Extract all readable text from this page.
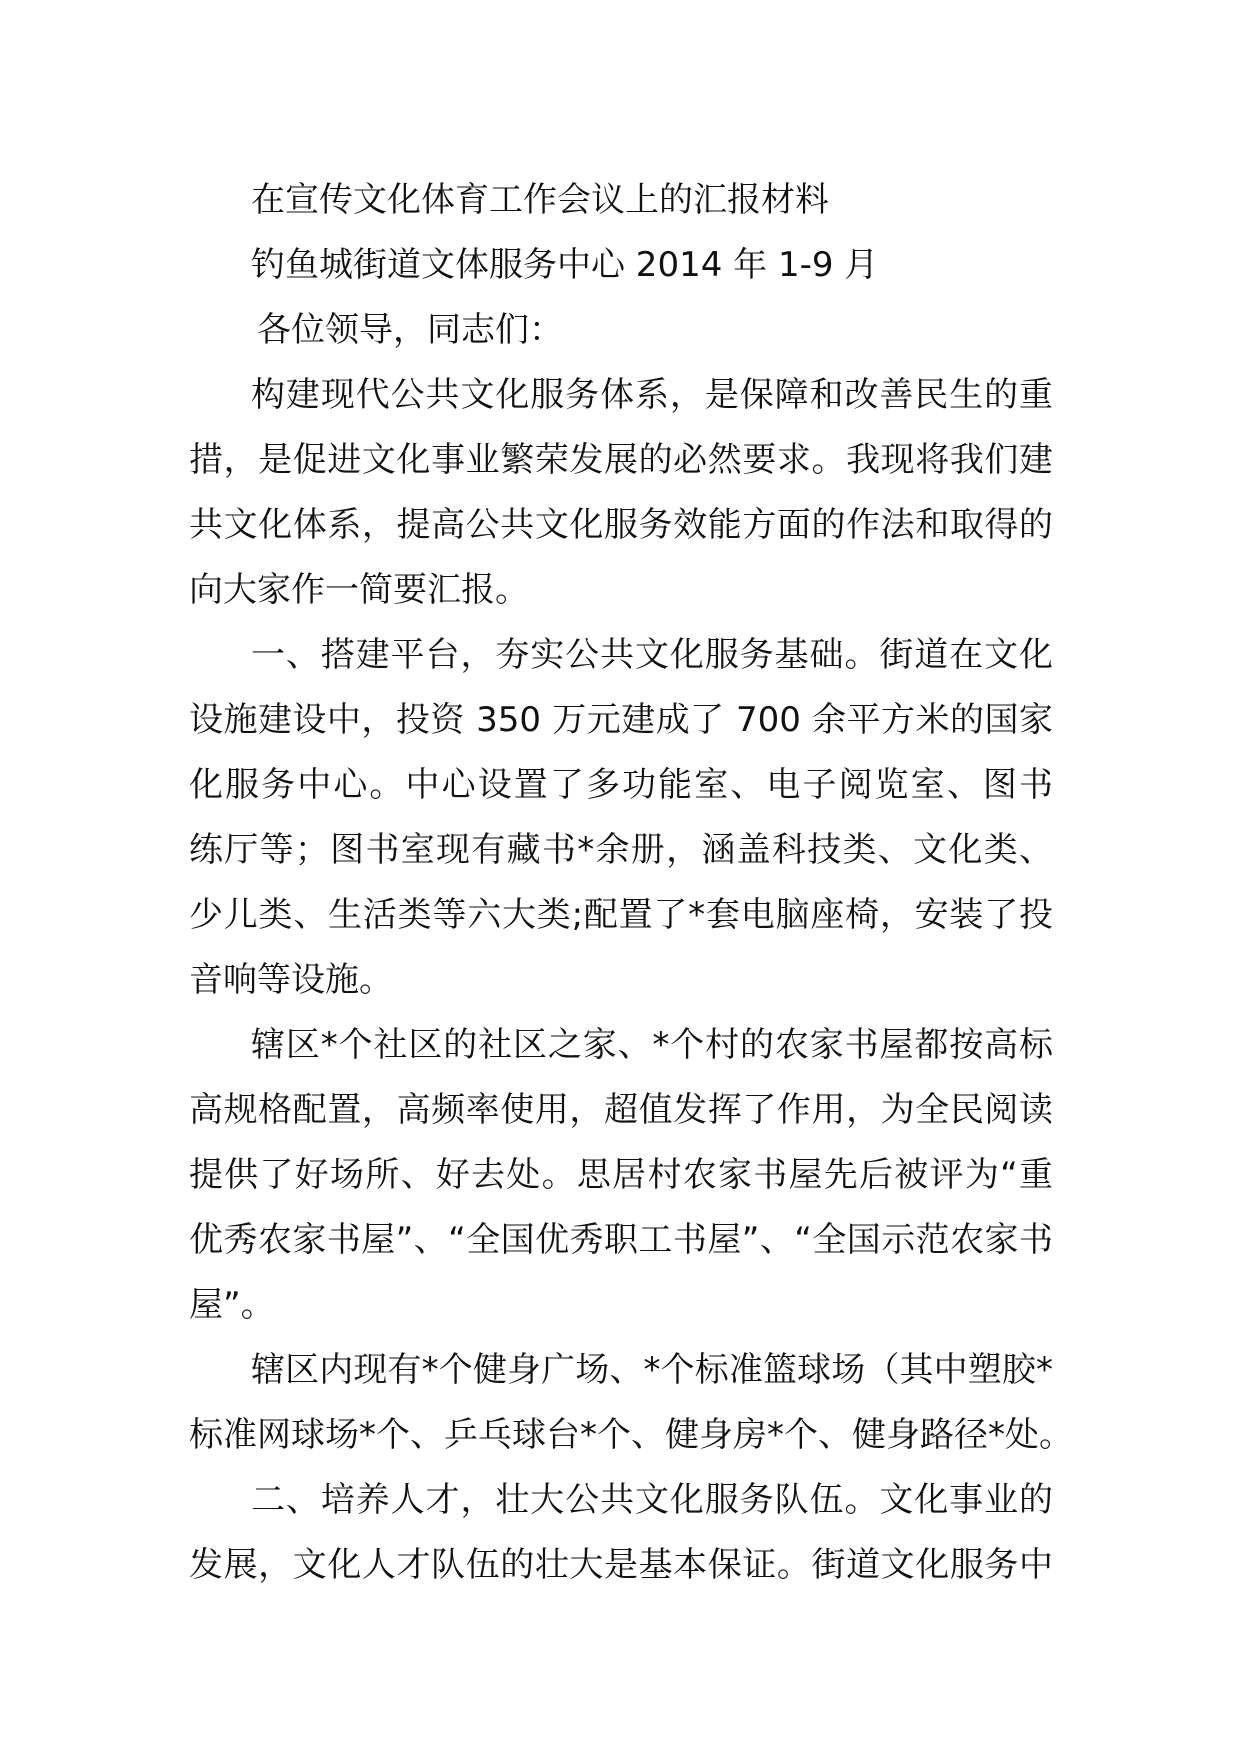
在宣传文化体育工作会议上的汇报材料

钓鱼城街道文体服务中心 2014 年 1-9 月

各位领导，同志们：

构建现代公共文化服务体系，是保障和改善民生的重

措，是促进文化事业繁荣发展的必然要求。我现将我们建

共文化体系，提高公共文化服务效能方面的作法和取得的

向大家作一简要汇报。

一、搭建平台，夯实公共文化服务基础。街道在文化

设施建设中，投资 350 万元建成了 700 余平方米的国家

化服务中心。中心设置了多功能室、电子阅览室、图书

练厅等；图书室现有藏书*余册，涵盖科技类、文化类、

少儿类、生活类等六大类;配置了*套电脑座椅，安装了投

音响等设施。

辖区*个社区的社区之家、*个村的农家书屋都按高标

高规格配置，高频率使用，超值发挥了作用，为全民阅读

提供了好场所、好去处。思居村农家书屋先后被评为“重

优秀农家书屋”、“全国优秀职工书屋”、“全国示范农家书

屋”。

辖区内现有*个健身广场、*个标准篮球场（其中塑胶*

标准网球场*个、乒乓球台*个、健身房*个、健身路径*处。

二、培养人才，壮大公共文化服务队伍。文化事业的

发展，文化人才队伍的壮大是基本保证。街道文化服务中
